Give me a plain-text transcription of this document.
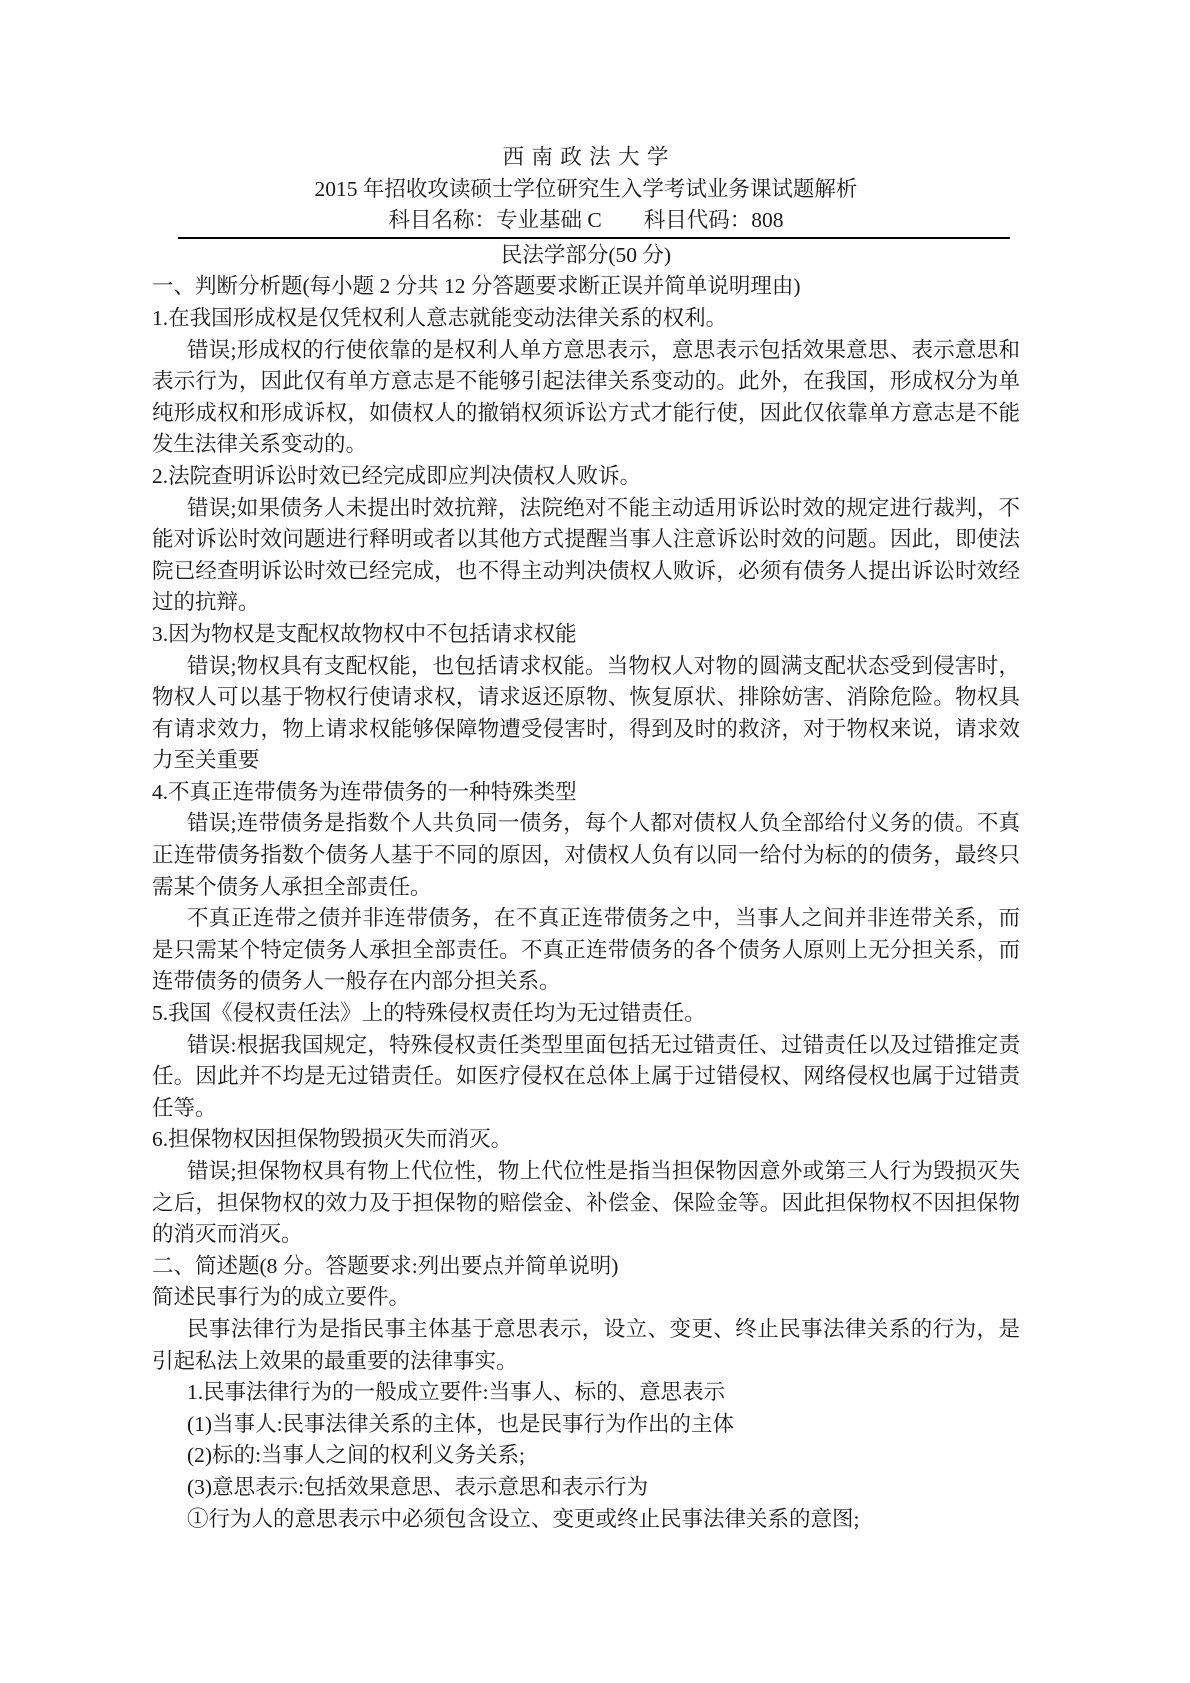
西 南 政 法 大 学

2015 年招收攻读硕士学位研究生入学考试业务课试题解析

科目名称：专业基础 C 科目代码：808

民法学部分(50 分)

一、判断分析题(每小题 2 分共 12 分答题要求断正误并简单说明理由)

1.在我国形成权是仅凭权利人意志就能变动法律关系的权利。

错误;形成权的行使依靠的是权利人单方意思表示，意思表示包括效果意思、表示意思和表示行为，因此仅有单方意志是不能够引起法律关系变动的。此外，在我国，形成权分为单纯形成权和形成诉权，如债权人的撤销权须诉讼方式才能行使，因此仅依靠单方意志是不能发生法律关系变动的。

2.法院查明诉讼时效已经完成即应判决债权人败诉。

错误;如果债务人未提出时效抗辩，法院绝对不能主动适用诉讼时效的规定进行裁判，不能对诉讼时效问题进行释明或者以其他方式提醒当事人注意诉讼时效的问题。因此，即使法院已经查明诉讼时效已经完成，也不得主动判决债权人败诉，必须有债务人提出诉讼时效经过的抗辩。

3.因为物权是支配权故物权中不包括请求权能

错误;物权具有支配权能，也包括请求权能。当物权人对物的圆满支配状态受到侵害时，物权人可以基于物权行使请求权，请求返还原物、恢复原状、排除妨害、消除危险。物权具有请求效力，物上请求权能够保障物遭受侵害时，得到及时的救济，对于物权来说，请求效力至关重要

4.不真正连带债务为连带债务的一种特殊类型

错误;连带债务是指数个人共负同一债务，每个人都对债权人负全部给付义务的债。不真正连带债务指数个债务人基于不同的原因，对债权人负有以同一给付为标的的债务，最终只需某个债务人承担全部责任。

不真正连带之债并非连带债务，在不真正连带债务之中，当事人之间并非连带关系，而是只需某个特定债务人承担全部责任。不真正连带债务的各个债务人原则上无分担关系，而连带债务的债务人一般存在内部分担关系。

5.我国《侵权责任法》上的特殊侵权责任均为无过错责任。

错误:根据我国规定，特殊侵权责任类型里面包括无过错责任、过错责任以及过错推定责任。因此并不均是无过错责任。如医疗侵权在总体上属于过错侵权、网络侵权也属于过错责任等。

6.担保物权因担保物毁损灭失而消灭。

错误;担保物权具有物上代位性，物上代位性是指当担保物因意外或第三人行为毁损灭失之后，担保物权的效力及于担保物的赔偿金、补偿金、保险金等。因此担保物权不因担保物的消灭而消灭。

二、简述题(8 分。答题要求:列出要点并简单说明)

简述民事行为的成立要件。

民事法律行为是指民事主体基于意思表示，设立、变更、终止民事法律关系的行为，是引起私法上效果的最重要的法律事实。

1.民事法律行为的一般成立要件:当事人、标的、意思表示

(1)当事人:民事法律关系的主体，也是民事行为作出的主体

(2)标的:当事人之间的权利义务关系;

(3)意思表示:包括效果意思、表示意思和表示行为

①行为人的意思表示中必须包含设立、变更或终止民事法律关系的意图;
